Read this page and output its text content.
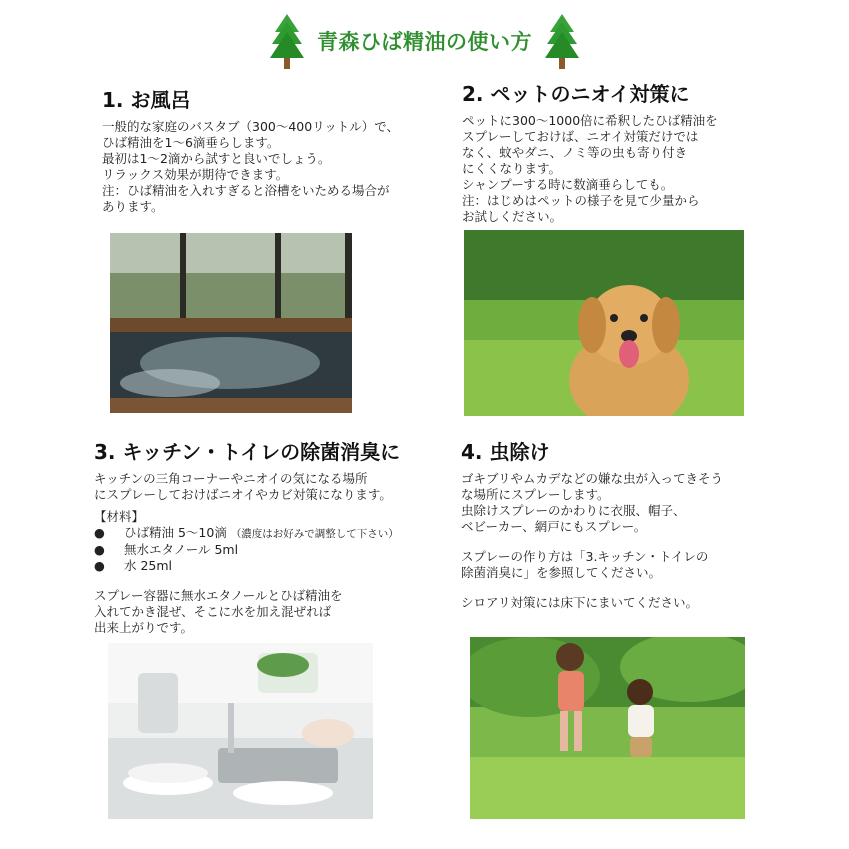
青森ひば精油の使い方
1. お風呂

一般的な家庭のバスタブ（300～400リットル）で、

ひば精油を1～6滴垂らします。

最初は1～2滴から試すと良いでしょう。

リラックス効果が期待できます。

注：ひば精油を入れすぎると浴槽をいためる場合が

あります。

2. ペットのニオイ対策に

ペットに300～1000倍に希釈したひば精油を

スプレーしておけば、ニオイ対策だけでは

なく、蚊やダニ、ノミ等の虫も寄り付き

にくくなります。

シャンプーする時に数滴垂らしても。

注：はじめはペットの様子を見て少量から

お試しください。

3. キッチン・トイレの除菌消臭に

キッチンの三角コーナーやニオイの気になる場所

にスプレーしておけばニオイやカビ対策になります。

【材料】
● ひば精油 5～10滴 （濃度はお好みで調整して下さい）
● 無水エタノール 5ml
● 水 25ml

スプレー容器に無水エタノールとひば精油を

入れてかき混ぜ、そこに水を加え混ぜれば

出来上がりです。

4. 虫除け

ゴキブリやムカデなどの嫌な虫が入ってきそう

な場所にスプレーします。

虫除けスプレーのかわりに衣服、帽子、

ベビーカー、網戸にもスプレー。

スプレーの作り方は「3.キッチン・トイレの

除菌消臭に」を参照してください。

シロアリ対策には床下にまいてください。
